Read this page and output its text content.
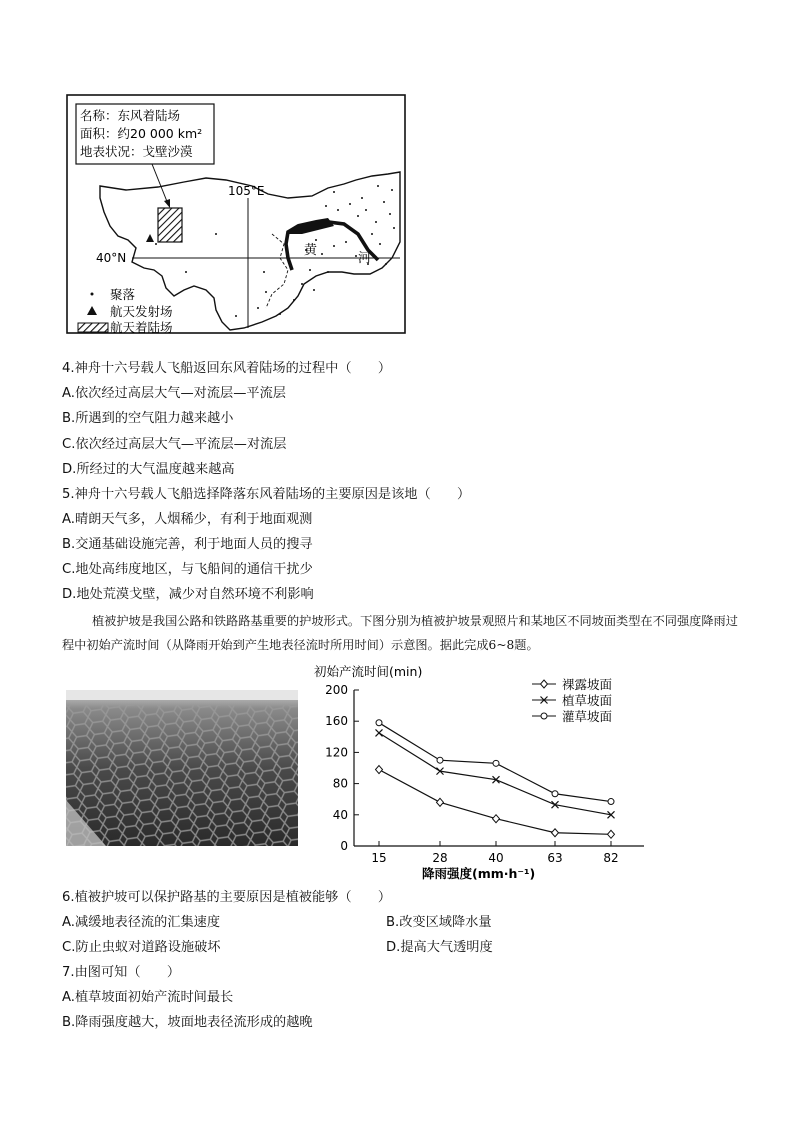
名称：东风着陆场
面积：约20 000 km²
地表状况：戈壁沙漠
105°E
40°N	黄
河
聚落
航天发射场
航天着陆场
4.神舟十六号载人飞船返回东风着陆场的过程中（　　）
A.依次经过高层大气—对流层—平流层
B.所遇到的空气阻力越来越小
C.依次经过高层大气—平流层—对流层
D.所经过的大气温度越来越高
5.神舟十六号载人飞船选择降落东风着陆场的主要原因是该地（　　）
A.晴朗天气多，人烟稀少，有利于地面观测
B.交通基础设施完善，利于地面人员的搜寻
C.地处高纬度地区，与飞船间的通信干扰少
D.地处荒漠戈壁，减少对自然环境不利影响
植被护坡是我国公路和铁路路基重要的护坡形式。下图分别为植被护坡景观照片和某地区不同坡面类型在不同强度降雨过程中初始产流时间（从降雨开始到产生地表径流时所用时间）示意图。据此完成6~8题。
初始产流时间(min)
降雨强度(mm·h⁻¹)
0
40
80
120
160
200
15	28	40	63	82
裸露坡面
植草坡面
灌草坡面
6.植被护坡可以保护路基的主要原因是植被能够（　　）
A.减缓地表径流的汇集速度	B.改变区域降水量
C.防止虫蚁对道路设施破坏	D.提高大气透明度
7.由图可知（　　）
A.植草坡面初始产流时间最长
B.降雨强度越大，坡面地表径流形成的越晚
